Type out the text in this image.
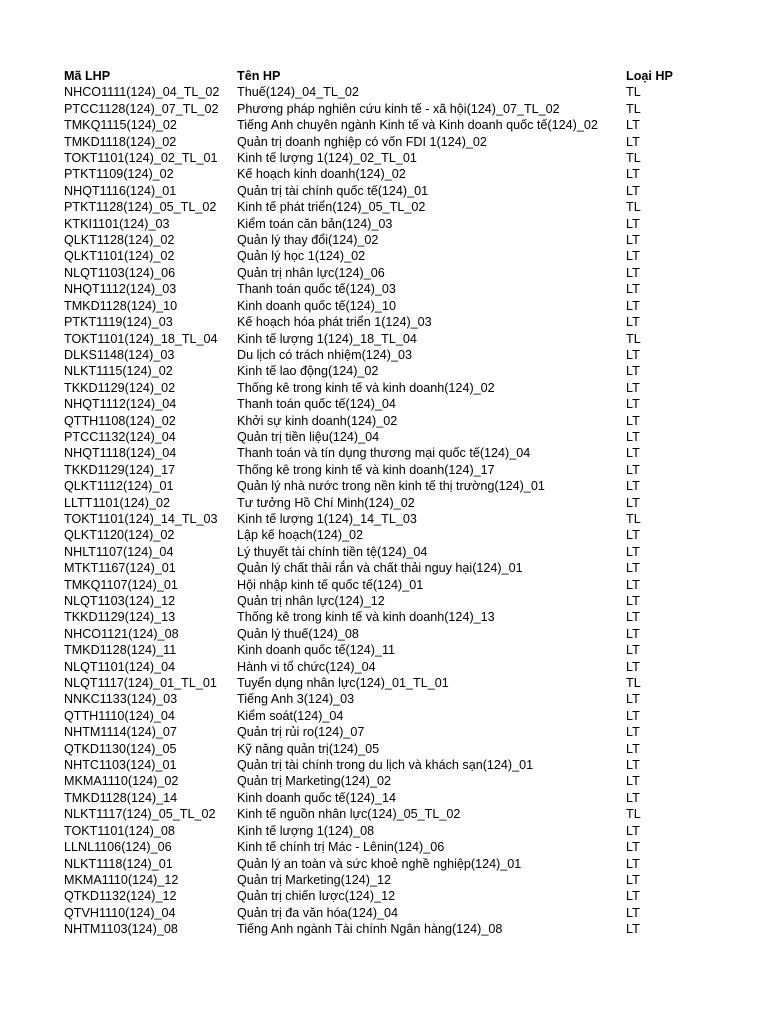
Mã LHP	Tên HP	Loại HP
NHCO1111(124)_04_TL_02	Thuế(124)_04_TL_02	TL
PTCC1128(124)_07_TL_02	Phương pháp nghiên cứu kinh tế - xã hội(124)_07_TL_02	TL
TMKQ1115(124)_02	Tiếng Anh chuyên ngành Kinh tế và Kinh doanh quốc tế(124)_02	LT
TMKD1118(124)_02	Quản trị doanh nghiệp có vốn FDI 1(124)_02	LT
TOKT1101(124)_02_TL_01	Kinh tế lượng 1(124)_02_TL_01	TL
PTKT1109(124)_02	Kế hoạch kinh doanh(124)_02	LT
NHQT1116(124)_01	Quản trị tài chính quốc tế(124)_01	LT
PTKT1128(124)_05_TL_02	Kinh tế phát triển(124)_05_TL_02	TL
KTKI1101(124)_03	Kiểm toán căn bản(124)_03	LT
QLKT1128(124)_02	Quản lý thay đổi(124)_02	LT
QLKT1101(124)_02	Quản lý học 1(124)_02	LT
NLQT1103(124)_06	Quản trị nhân lực(124)_06	LT
NHQT1112(124)_03	Thanh toán quốc tế(124)_03	LT
TMKD1128(124)_10	Kinh doanh quốc tế(124)_10	LT
PTKT1119(124)_03	Kế hoạch hóa phát triển 1(124)_03	LT
TOKT1101(124)_18_TL_04	Kinh tế lượng 1(124)_18_TL_04	TL
DLKS1148(124)_03	Du lịch có trách nhiệm(124)_03	LT
NLKT1115(124)_02	Kinh tế lao động(124)_02	LT
TKKD1129(124)_02	Thống kê trong kinh tế và kinh doanh(124)_02	LT
NHQT1112(124)_04	Thanh toán quốc tế(124)_04	LT
QTTH1108(124)_02	Khởi sự kinh doanh(124)_02	LT
PTCC1132(124)_04	Quản trị tiền liệu(124)_04	LT
NHQT1118(124)_04	Thanh toán và tín dụng thương mại quốc tế(124)_04	LT
TKKD1129(124)_17	Thống kê trong kinh tế và kinh doanh(124)_17	LT
QLKT1112(124)_01	Quản lý nhà nước trong nền kinh tế thị trường(124)_01	LT
LLTT1101(124)_02	Tư tưởng Hồ Chí Minh(124)_02	LT
TOKT1101(124)_14_TL_03	Kinh tế lượng 1(124)_14_TL_03	TL
QLKT1120(124)_02	Lập kế hoạch(124)_02	LT
NHLT1107(124)_04	Lý thuyết tài chính tiền tệ(124)_04	LT
MTKT1167(124)_01	Quản lý chất thải rắn và chất thải nguy hại(124)_01	LT
TMKQ1107(124)_01	Hội nhập kinh tế quốc tế(124)_01	LT
NLQT1103(124)_12	Quản trị nhân lực(124)_12	LT
TKKD1129(124)_13	Thống kê trong kinh tế và kinh doanh(124)_13	LT
NHCO1121(124)_08	Quản lý thuế(124)_08	LT
TMKD1128(124)_11	Kinh doanh quốc tế(124)_11	LT
NLQT1101(124)_04	Hành vi tổ chức(124)_04	LT
NLQT1117(124)_01_TL_01	Tuyển dụng nhân lực(124)_01_TL_01	TL
NNKC1133(124)_03	Tiếng Anh 3(124)_03	LT
QTTH1110(124)_04	Kiểm soát(124)_04	LT
NHTM1114(124)_07	Quản trị rủi ro(124)_07	LT
QTKD1130(124)_05	Kỹ năng quản trị(124)_05	LT
NHTC1103(124)_01	Quản trị tài chính trong du lịch và khách sạn(124)_01	LT
MKMA1110(124)_02	Quản trị Marketing(124)_02	LT
TMKD1128(124)_14	Kinh doanh quốc tế(124)_14	LT
NLKT1117(124)_05_TL_02	Kinh tế nguồn nhân lực(124)_05_TL_02	TL
TOKT1101(124)_08	Kinh tế lượng 1(124)_08	LT
LLNL1106(124)_06	Kinh tế chính trị Mác - Lênin(124)_06	LT
NLKT1118(124)_01	Quản lý an toàn và sức khoẻ nghề nghiệp(124)_01	LT
MKMA1110(124)_12	Quản trị Marketing(124)_12	LT
QTKD1132(124)_12	Quản trị chiến lược(124)_12	LT
QTVH1110(124)_04	Quản trị đa văn hóa(124)_04	LT
NHTM1103(124)_08	Tiếng Anh ngành Tài chính Ngân hàng(124)_08	LT
